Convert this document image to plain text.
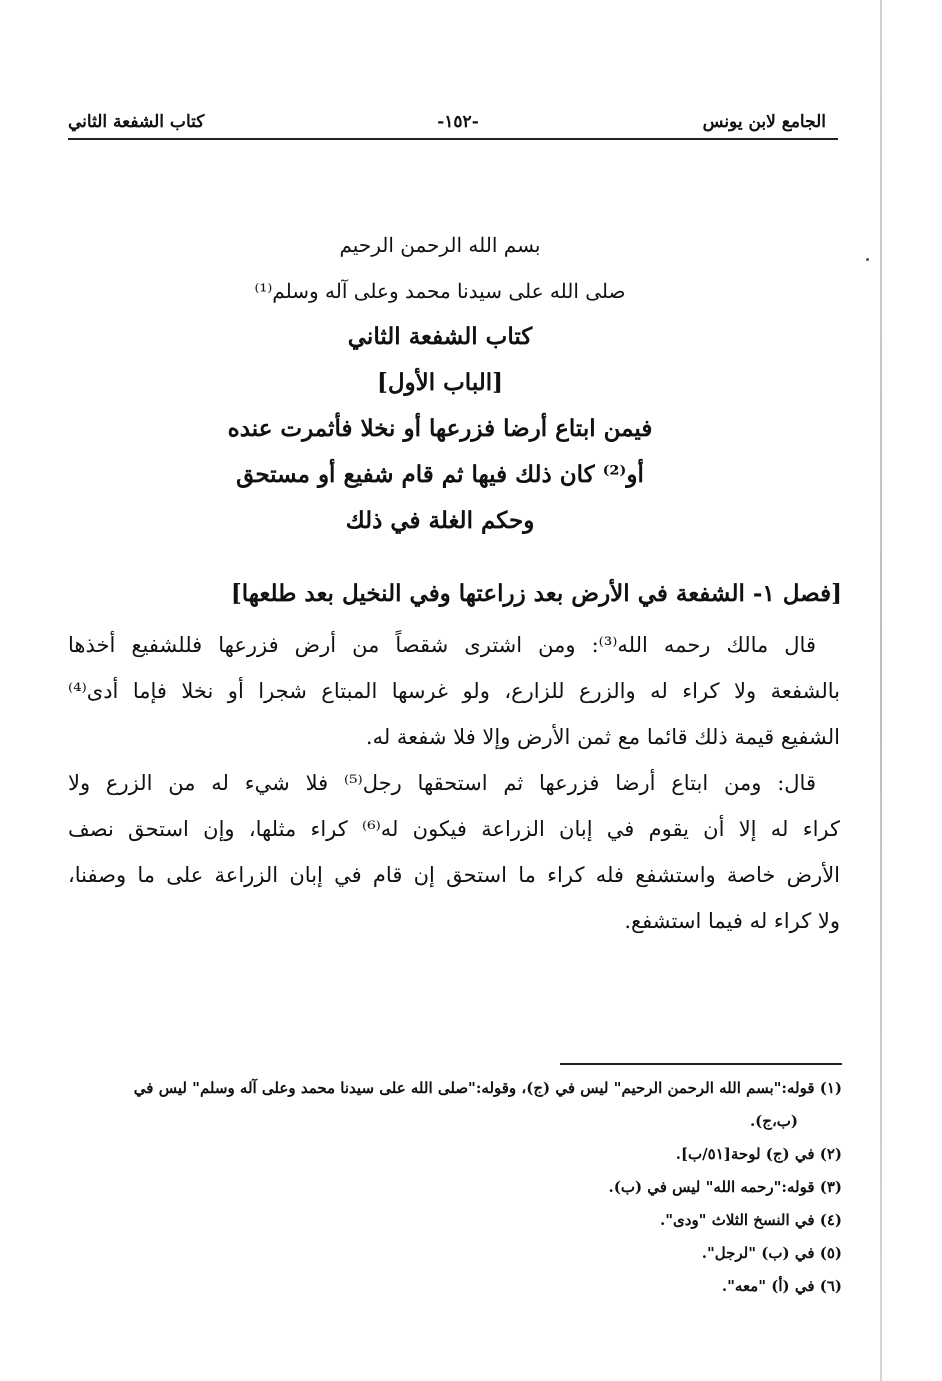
الجامع لابن يونس
-١٥٢-
كتاب الشفعة الثاني
بسم الله الرحمن الرحيم
صلى الله على سيدنا محمد وعلى آله وسلم⁽¹⁾
كتاب الشفعة الثاني
[الباب الأول]
فيمن ابتاع أرضا فزرعها أو نخلا فأثمرت عنده
أو⁽²⁾ كان ذلك فيها ثم قام شفيع أو مستحق
وحكم الغلة في ذلك
[فصل ١- الشفعة في الأرض بعد زراعتها وفي النخيل بعد طلعها]
قال مالك رحمه الله⁽³⁾: ومن اشترى شقصاً من أرض فزرعها فللشفيع أخذها
بالشفعة ولا كراء له والزرع للزارع، ولو غرسها المبتاع شجرا أو نخلا فإما أدى⁽⁴⁾
الشفيع قيمة ذلك قائما مع ثمن الأرض وإلا فلا شفعة له.
قال: ومن ابتاع أرضا فزرعها ثم استحقها رجل⁽⁵⁾ فلا شيء له من الزرع ولا
كراء له إلا أن يقوم في إبان الزراعة فيكون له⁽⁶⁾ كراء مثلها، وإن استحق نصف
الأرض خاصة واستشفع فله كراء ما استحق إن قام في إبان الزراعة على ما وصفنا،
ولا كراء له فيما استشفع.
(١) قوله:"بسم الله الرحمن الرحيم" ليس في (ج)، وقوله:"صلى الله على سيدنا محمد وعلى آله وسلم" ليس في
(ب،ج).
(٢) في (ج) لوحة[٥١/ب].
(٣) قوله:"رحمه الله" ليس في (ب).
(٤) في النسخ الثلاث "ودى".
(٥) في (ب) "لرجل".
(٦) في (أ) "معه".
